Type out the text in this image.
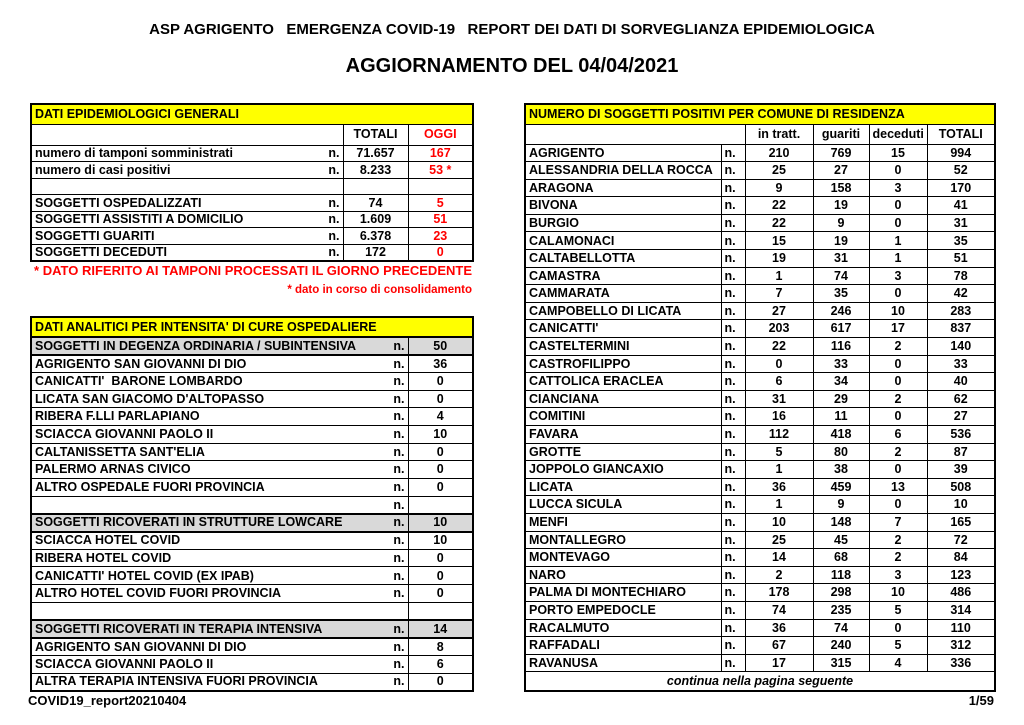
ASP AGRIGENTO   EMERGENZA COVID-19   REPORT DEI DATI DI SORVEGLIANZA EPIDEMIOLOGICA
AGGIORNAMENTO DEL 04/04/2021
DATI EPIDEMIOLOGICI GENERALI		
	TOTALI	OGGI

numero di tamponi somministrati n.	71.657	167

numero di casi positivi n.	8.233	53 *

SOGGETTI OSPEDALIZZATI n.	74	5

SOGGETTI ASSISTITI A DOMICILIO n.	1.609	51

SOGGETTI GUARITI n.	6.378	23

SOGGETTI DECEDUTI n.	172	0
* DATO RIFERITO AI TAMPONI PROCESSATI IL GIORNO PRECEDENTE
* dato in corso di consolidamento
DATI ANALITICI PER INTENSITA' DI CURE OSPEDALIERE	

SOGGETTI IN DEGENZA ORDINARIA / SUBINTENSIVA n.	50

AGRIGENTO SAN GIOVANNI DI DIO n.	36

CANICATTI'  BARONE LOMBARDO n.	0

LICATA SAN GIACOMO D'ALTOPASSO n.	0

RIBERA F.LLI PARLAPIANO n.	4

SCIACCA GIOVANNI PAOLO II n.	10

CALTANISSETTA SANT'ELIA n.	0

PALERMO ARNAS CIVICO n.	0

ALTRO OSPEDALE FUORI PROVINCIA n.	0

n.	

SOGGETTI RICOVERATI IN STRUTTURE LOWCARE n.	10

SCIACCA HOTEL COVID n.	10

RIBERA HOTEL COVID n.	0

CANICATTI' HOTEL COVID (EX IPAB) n.	0

ALTRO HOTEL COVID FUORI PROVINCIA n.	0

SOGGETTI RICOVERATI IN TERAPIA INTENSIVA n.	14

AGRIGENTO SAN GIOVANNI DI DIO n.	8

SCIACCA GIOVANNI PAOLO II n.	6

ALTRA TERAPIA INTENSIVA FUORI PROVINCIA n.	0
NUMERO DI SOGGETTI POSITIVI PER COMUNE DI RESIDENZA					
		in tratt.	guariti	deceduti	TOTALI
AGRIGENTO	n.	210	769	15	994
ALESSANDRIA DELLA ROCCA	n.	25	27	0	52
ARAGONA	n.	9	158	3	170
BIVONA	n.	22	19	0	41
BURGIO	n.	22	9	0	31
CALAMONACI	n.	15	19	1	35
CALTABELLOTTA	n.	19	31	1	51
CAMASTRA	n.	1	74	3	78
CAMMARATA	n.	7	35	0	42
CAMPOBELLO DI LICATA	n.	27	246	10	283
CANICATTI'	n.	203	617	17	837
CASTELTERMINI	n.	22	116	2	140
CASTROFILIPPO	n.	0	33	0	33
CATTOLICA ERACLEA	n.	6	34	0	40
CIANCIANA	n.	31	29	2	62
COMITINI	n.	16	11	0	27
FAVARA	n.	112	418	6	536
GROTTE	n.	5	80	2	87
JOPPOLO GIANCAXIO	n.	1	38	0	39
LICATA	n.	36	459	13	508
LUCCA SICULA	n.	1	9	0	10
MENFI	n.	10	148	7	165
MONTALLEGRO	n.	25	45	2	72
MONTEVAGO	n.	14	68	2	84
NARO	n.	2	118	3	123
PALMA DI MONTECHIARO	n.	178	298	10	486
PORTO EMPEDOCLE	n.	74	235	5	314
RACALMUTO	n.	36	74	0	110
RAFFADALI	n.	67	240	5	312
RAVANUSA	n.	17	315	4	336
continua nella pagina seguente					
COVID19_report20210404	1/59
